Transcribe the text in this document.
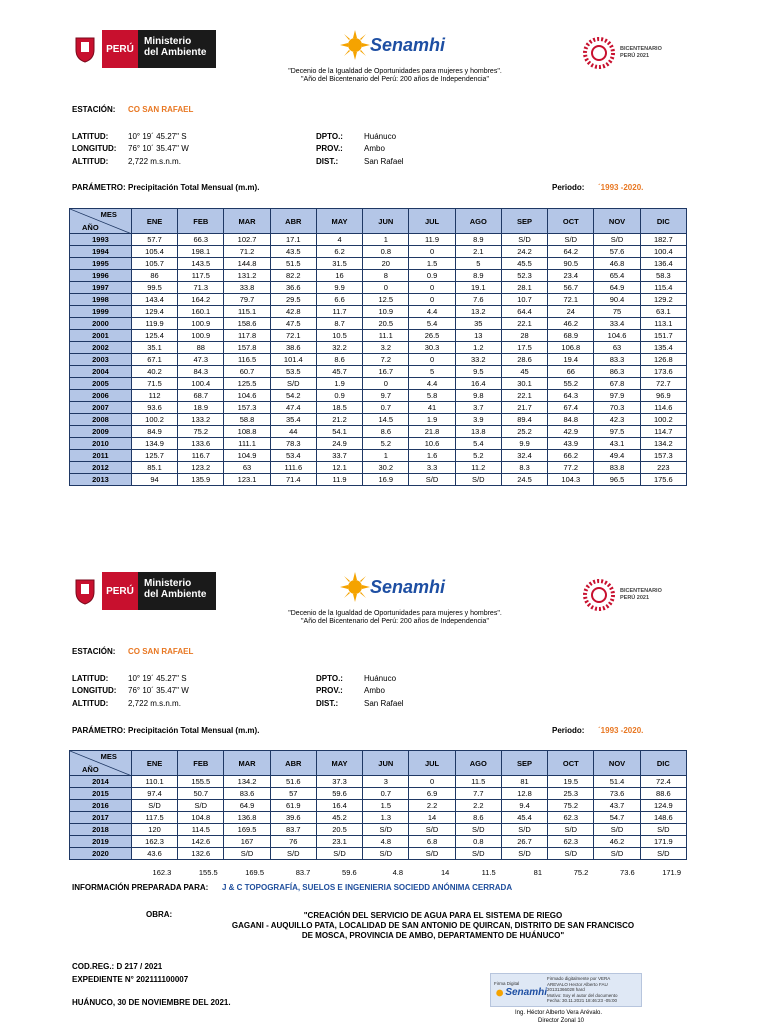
PERÚ
Ministerio
del Ambiente	Senamhi	BICENTENARIO
PERÚ 2021
"Decenio de la Igualdad de Oportunidades para mujeres y hombres".
"Año del Bicentenario del Perú: 200 años de Independencia"
ESTACIÓN: CO SAN RAFAEL
LATITUD: 10° 19´ 45.27" S
LONGITUD: 76° 10´ 35.47" W
ALTITUD: 2,722 m.s.n.m.
DPTO.:	Huánuco
PROV.:	Ambo
DIST.:	San Rafael
PARÁMETRO: Precipitación Total Mensual (m.m).	Periodo: ´1993 -2020.
MES
AÑO	ENE	FEB	MAR	ABR	MAY	JUN	JUL	AGO	SEP	OCT	NOV	DIC
1993	57.7	66.3	102.7	17.1	4	1	11.9	8.9	S/D	S/D	S/D	182.7
1994	105.4	198.1	71.2	43.5	6.2	0.8	0	2.1	24.2	64.2	57.6	100.4
1995	105.7	143.5	144.8	51.5	31.5	20	1.5	5	45.5	90.5	46.8	136.4
1996	86	117.5	131.2	82.2	16	8	0.9	8.9	52.3	23.4	65.4	58.3
1997	99.5	71.3	33.8	36.6	9.9	0	0	19.1	28.1	56.7	64.9	115.4
1998	143.4	164.2	79.7	29.5	6.6	12.5	0	7.6	10.7	72.1	90.4	129.2
1999	129.4	160.1	115.1	42.8	11.7	10.9	4.4	13.2	64.4	24	75	63.1
2000	119.9	100.9	158.6	47.5	8.7	20.5	5.4	35	22.1	46.2	33.4	113.1
2001	125.4	100.9	117.8	72.1	10.5	11.1	26.5	13	28	68.9	104.6	151.7
2002	35.1	88	157.8	38.6	32.2	3.2	30.3	1.2	17.5	106.8	63	135.4
2003	67.1	47.3	116.5	101.4	8.6	7.2	0	33.2	28.6	19.4	83.3	126.8
2004	40.2	84.3	60.7	53.5	45.7	16.7	5	9.5	45	66	86.3	173.6
2005	71.5	100.4	125.5	S/D	1.9	0	4.4	16.4	30.1	55.2	67.8	72.7
2006	112	68.7	104.6	54.2	0.9	9.7	5.8	9.8	22.1	64.3	97.9	96.9
2007	93.6	18.9	157.3	47.4	18.5	0.7	41	3.7	21.7	67.4	70.3	114.6
2008	100.2	133.2	58.8	35.4	21.2	14.5	1.9	3.9	89.4	84.8	42.3	100.2
2009	84.9	75.2	108.8	44	54.1	8.6	21.8	13.8	25.2	42.9	97.5	114.7
2010	134.9	133.6	111.1	78.3	24.9	5.2	10.6	5.4	9.9	43.9	43.1	134.2
2011	125.7	116.7	104.9	53.4	33.7	1	1.6	5.2	32.4	66.2	49.4	157.3
2012	85.1	123.2	63	111.6	12.1	30.2	3.3	11.2	8.3	77.2	83.8	223
2013	94	135.9	123.1	71.4	11.9	16.9	S/D	S/D	24.5	104.3	96.5	175.6
PERÚ
Ministerio
del Ambiente	Senamhi	BICENTENARIO
PERÚ 2021
"Decenio de la Igualdad de Oportunidades para mujeres y hombres".
"Año del Bicentenario del Perú: 200 años de Independencia"
ESTACIÓN: CO SAN RAFAEL
LATITUD: 10° 19´ 45.27" S
LONGITUD: 76° 10´ 35.47" W
ALTITUD: 2,722 m.s.n.m.
DPTO.:	Huánuco
PROV.:	Ambo
DIST.:	San Rafael
PARÁMETRO: Precipitación Total Mensual (m.m).	Periodo: ´1993 -2020.
MES
AÑO	ENE	FEB	MAR	ABR	MAY	JUN	JUL	AGO	SEP	OCT	NOV	DIC
2014	110.1	155.5	134.2	51.6	37.3	3	0	11.5	81	19.5	51.4	72.4
2015	97.4	50.7	83.6	57	59.6	0.7	6.9	7.7	12.8	25.3	73.6	88.6
2016	S/D	S/D	64.9	61.9	16.4	1.5	2.2	2.2	9.4	75.2	43.7	124.9
2017	117.5	104.8	136.8	39.6	45.2	1.3	14	8.6	45.4	62.3	54.7	148.6
2018	120	114.5	169.5	83.7	20.5	S/D	S/D	S/D	S/D	S/D	S/D	S/D
2019	162.3	142.6	167	76	23.1	4.8	6.8	0.8	26.7	62.3	46.2	171.9
2020	43.6	132.6	S/D	S/D	S/D	S/D	S/D	S/D	S/D	S/D	S/D	S/D
162.3	155.5	169.5	83.7	59.6	4.8	14	11.5	81	75.2	73.6	171.9
INFORMACIÓN PREPARADA PARA: J & C TOPOGRAFÍA, SUELOS E INGENIERIA SOCIEDD ANÓNIMA CERRADA
OBRA:	"CREACIÓN DEL SERVICIO DE AGUA PARA EL SISTEMA DE RIEGO
GAGANI - AUQUILLO PATA, LOCALIDAD DE SAN ANTONIO DE QUIRCAN, DISTRITO DE SAN FRANCISCO
DE MOSCA, PROVINCIA DE AMBO, DEPARTAMENTO DE HUÁNUCO"
COD.REG.: D 217 / 2021
EXPEDIENTE N° 202111100007
HUÁNUCO, 30 DE NOVIEMBRE DEL 2021.
Firma Digital
Senamhi
Firmado digitalmente por VERA
AREVALO Hector Alberto FAU
20131366028 hard
Motivo: Soy el autor del documento
Fecha: 30.11.2021 18:46:23 -05:00
Ing. Héctor Alberto Vera Arévalo.
Director Zonal 10
